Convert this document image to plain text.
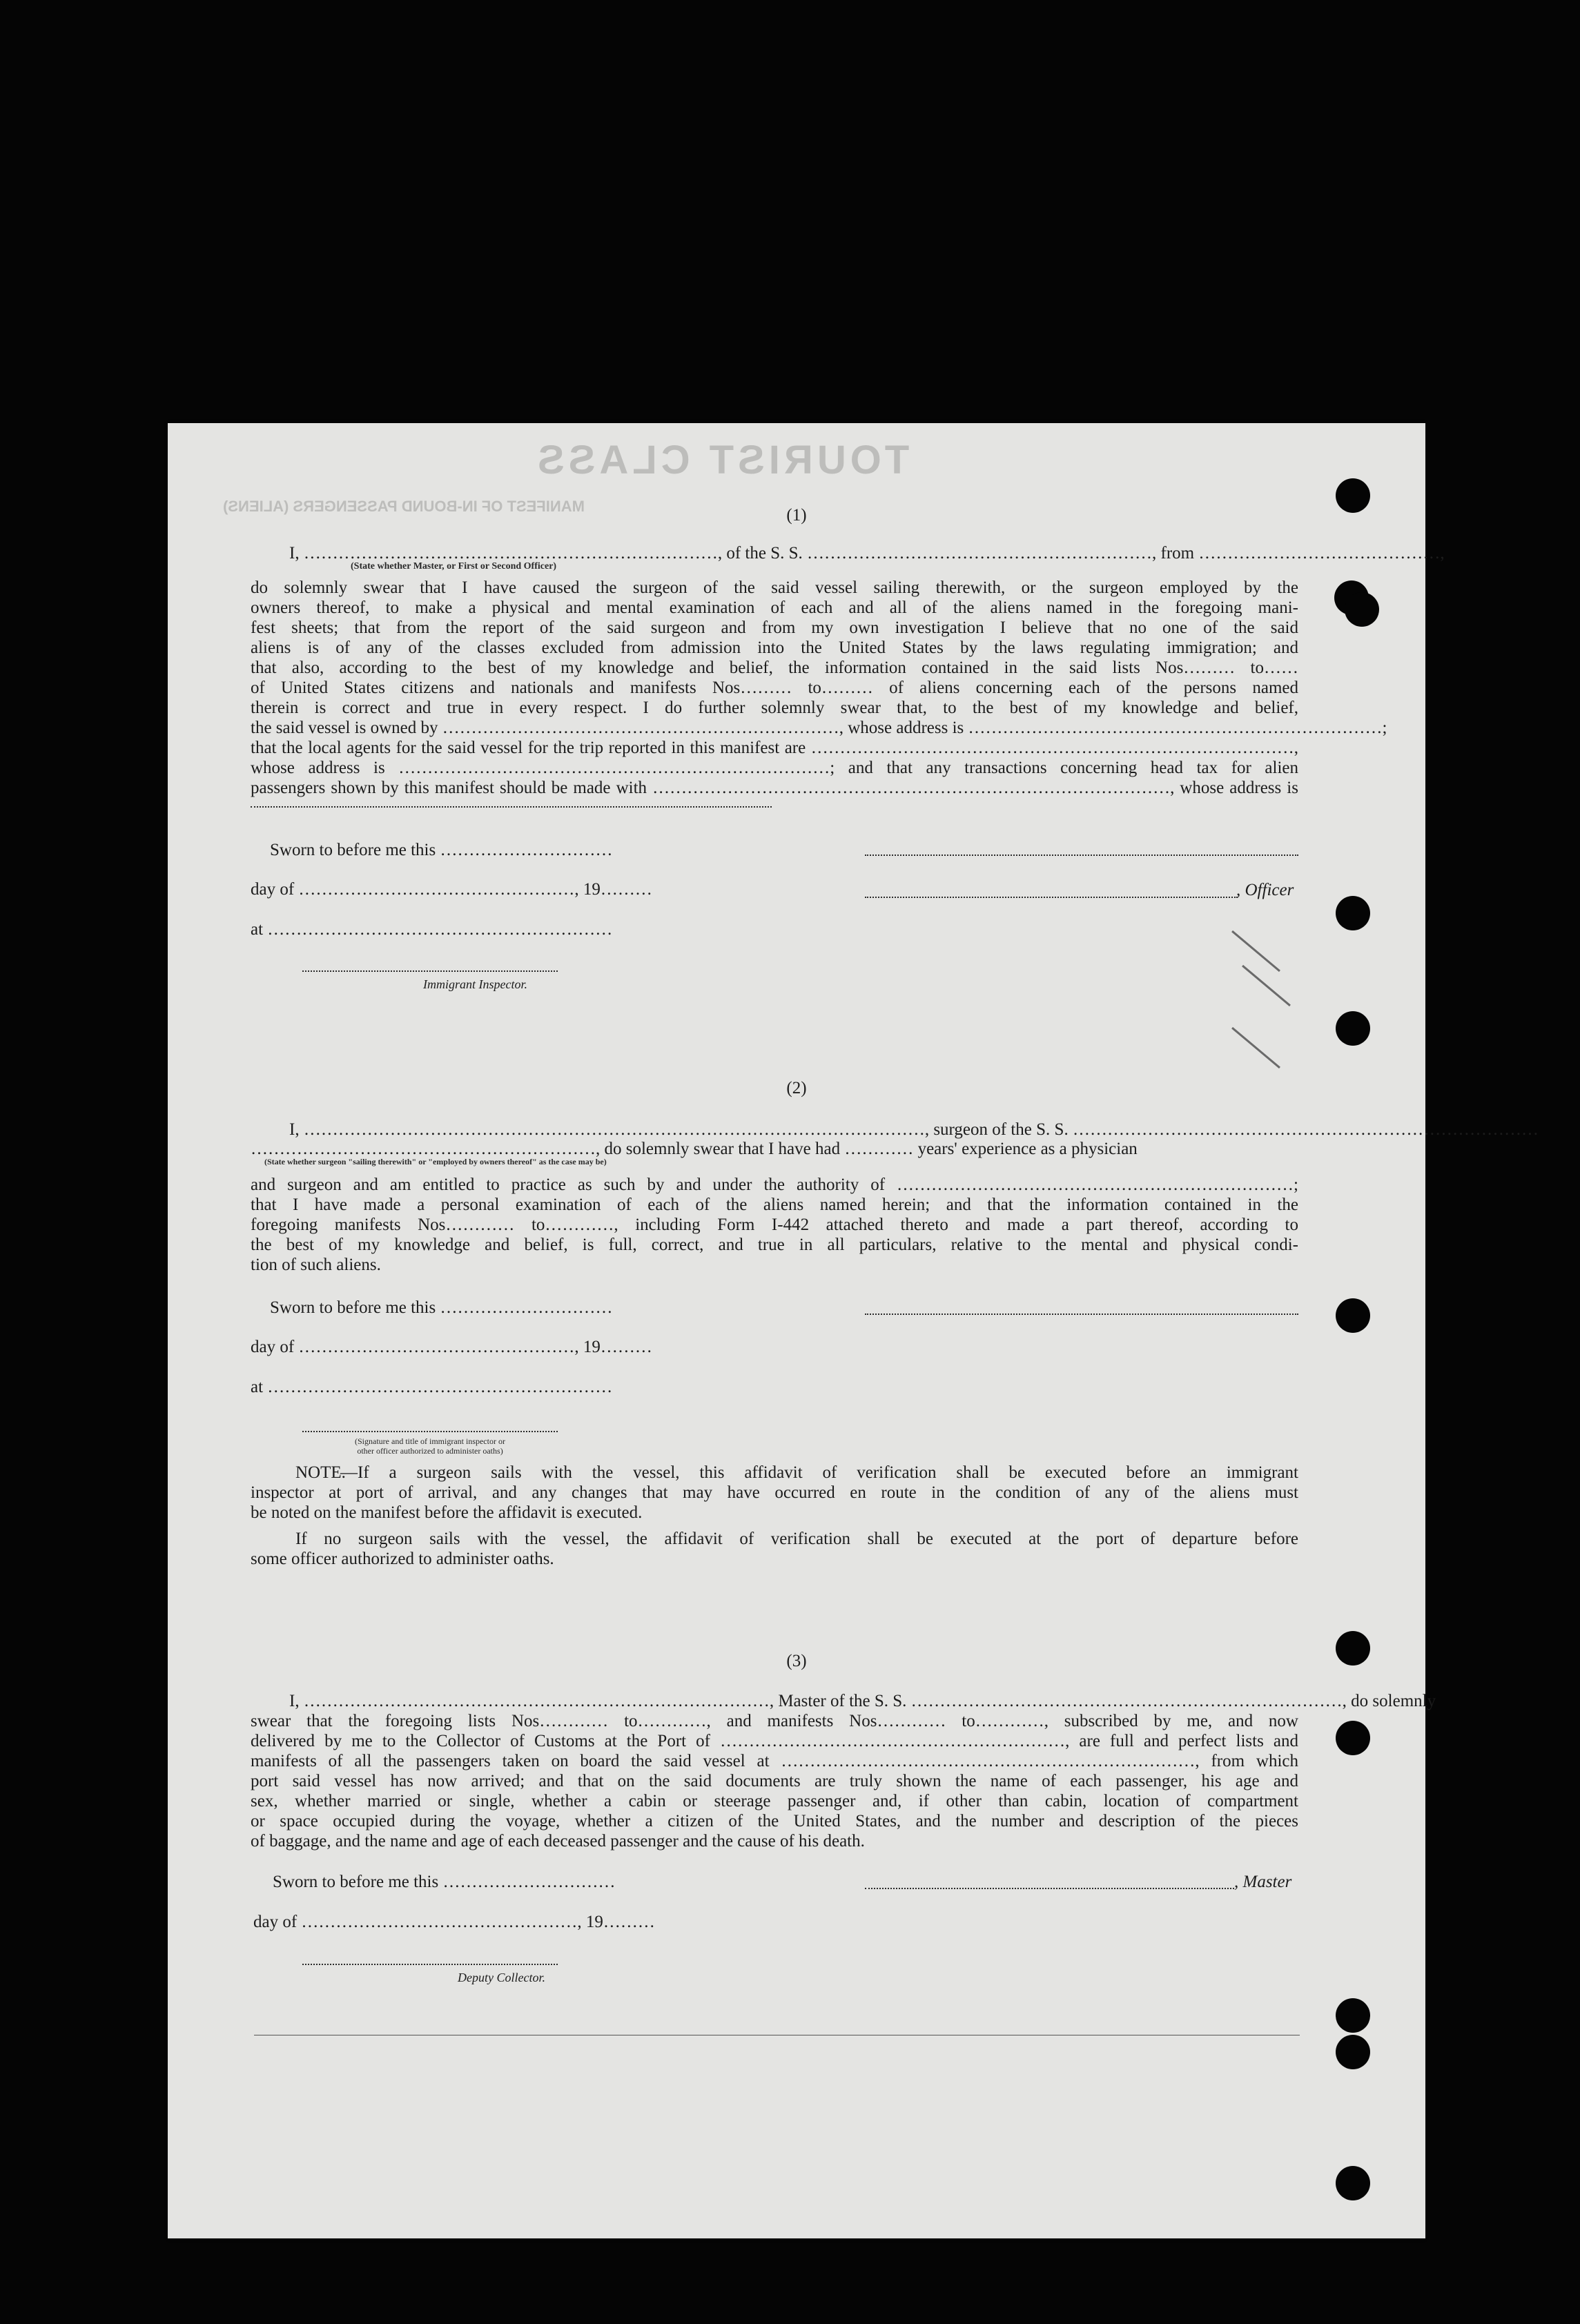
TOURIST CLASS
MANIFEST OF IN-BOUND PASSENGERS (ALIENS)	(1)
I, ………………………………………………………………, of the S. S. ……………………………………………………, from ……………………………………,
(State whether Master, or First or Second Officer)
do solemnly swear that I have caused the surgeon of the said vessel sailing therewith, or the surgeon employed by the
owners thereof, to make a physical and mental examination of each and all of the aliens named in the foregoing mani-
fest sheets; that from the report of the said surgeon and from my own investigation I believe that no one of the said
aliens is of any of the classes excluded from admission into the United States by the laws regulating immigration; and
that also, according to the best of my knowledge and belief, the information contained in the said lists Nos……… to……
of United States citizens and nationals and manifests Nos……… to……… of aliens concerning each of the persons named
therein is correct and true in every respect. I do further solemnly swear that, to the best of my knowledge and belief,
the said vessel is owned by ……………………………………………………………, whose address is ………………………………………………………………;
that the local agents for the said vessel for the trip reported in this manifest are …………………………………………………………………………,
whose address is …………………………………………………………………; and that any transactions concerning head tax for alien
passengers shown by this manifest should be made with ………………………………………………………………………………, whose address is
Sworn to before me this …………………………
day of …………………………………………, 19………	, Officer
at ……………………………………………………
Immigrant Inspector.
(2)
I, ………………………………………………………………………………………………, surgeon of the S. S. ………………………………………………………………………
……………………………………………………, do solemnly swear that I have had ………… years' experience as a physician
(State whether surgeon "sailing therewith" or "employed by owners thereof" as the case may be)
and surgeon and am entitled to practice as such by and under the authority of ……………………………………………………………;
that I have made a personal examination of each of the aliens named herein; and that the information contained in the
foregoing manifests Nos………… to…………, including Form I-442 attached thereto and made a part thereof, according to
the best of my knowledge and belief, is full, correct, and true in all particulars, relative to the mental and physical condi-
tion of such aliens.
Sworn to before me this …………………………
day of …………………………………………, 19………
at ……………………………………………………
(Signature and title of immigrant inspector or
other officer authorized to administer oaths)
NOTE.
—If a surgeon sails with the vessel, this affidavit of verification shall be executed before an immigrant
inspector at port of arrival, and any changes that may have occurred en route in the condition of any of the aliens must
be noted on the manifest before the affidavit is executed.
If no surgeon sails with the vessel, the affidavit of verification shall be executed at the port of departure before
some officer authorized to administer oaths.
(3)
I, ………………………………………………………………………, Master of the S. S. …………………………………………………………………, do solemnly
swear that the foregoing lists Nos………… to…………, and manifests Nos………… to…………, subscribed by me, and now
delivered by me to the Collector of Customs at the Port of ……………………………………………………, are full and perfect lists and
manifests of all the passengers taken on board the said vessel at ………………………………………………………………, from which
port said vessel has now arrived; and that on the said documents are truly shown the name of each passenger, his age and
sex, whether married or single, whether a cabin or steerage passenger and, if other than cabin, location of compartment
or space occupied during the voyage, whether a citizen of the United States, and the number and description of the pieces
of baggage, and the name and age of each deceased passenger and the cause of his death.
Sworn to before me this …………………………	, Master
day of …………………………………………, 19………
Deputy Collector.
